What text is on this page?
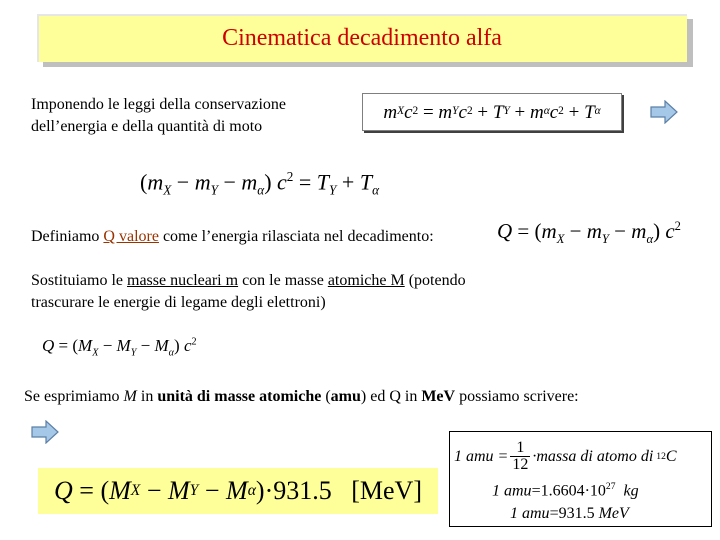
Cinematica decadimento alfa
Imponendo le leggi della conservazione
dell’energia e della quantità di moto
m X c 2
= m Y c 2
+ T Y
+ m α c 2
+ T α
$(m_X - m_Y - m_\alpha) c^2 = T_Y + T_\alpha$
Definiamo Q valore come l’energia rilasciata nel decadimento:	$Q = (m_X - m_Y - m_\alpha)$ $c^2$
Sostituiamo le masse nucleari m con le masse atomiche M (potendo
trascurare le energie di legame degli elettroni)
$Q = (M_X - M_Y - M_\alpha)$ $c^2$
Se esprimiamo M in unità di masse atomiche (amu) ed Q in MeV possiamo scrivere:
Q =
( M X
− M Y
− M α ) ·931.5
[MeV]
1 amu = $\frac{1}{12}$ ·massa di atomo di 12 C
1 $amu=1.6604\cdot 10^{27}$ kg
1 amu=931.5 MeV
